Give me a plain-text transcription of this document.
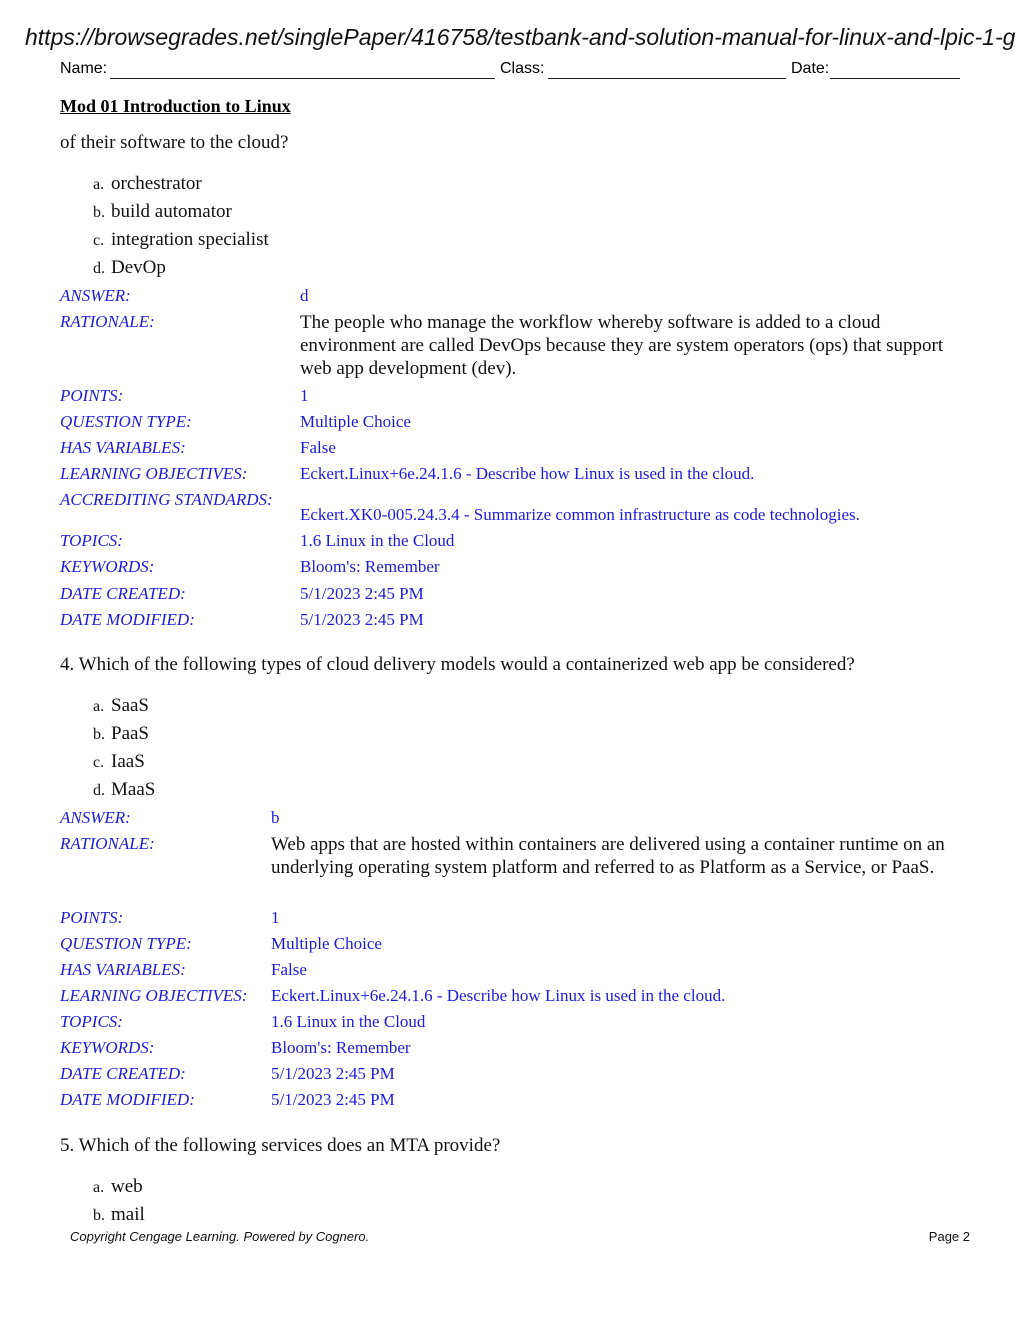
https://browsegrades.net/singlePaper/416758/testbank-and-solution-manual-for-linux-and-lpic-1-g
Name:	Class:	Date:
Mod 01 Introduction to Linux
of their software to the cloud?
a. orchestrator
b. build automator
c. integration specialist
d. DevOp
ANSWER:	d
RATIONALE:	The people who manage the workflow whereby software is added to a cloud environment are called DevOps because they are system operators (ops) that support web app development (dev).
POINTS:	1
QUESTION TYPE:	Multiple Choice
HAS VARIABLES:	False
LEARNING OBJECTIVES:	Eckert.Linux+6e.24.1.6 - Describe how Linux is used in the cloud.
ACCREDITING STANDARDS:
Eckert.XK0-005.24.3.4 - Summarize common infrastructure as code technologies.
TOPICS:	1.6 Linux in the Cloud
KEYWORDS:	Bloom's: Remember
DATE CREATED:	5/1/2023 2:45 PM
DATE MODIFIED:	5/1/2023 2:45 PM
4. Which of the following types of cloud delivery models would a containerized web app be considered?
a. SaaS
b. PaaS
c. IaaS
d. MaaS
ANSWER:	b
RATIONALE:	Web apps that are hosted within containers are delivered using a container runtime on an underlying operating system platform and referred to as Platform as a Service, or PaaS.
POINTS:	1
QUESTION TYPE:	Multiple Choice
HAS VARIABLES:	False
LEARNING OBJECTIVES: Eckert.Linux+6e.24.1.6 - Describe how Linux is used in the cloud.
TOPICS:	1.6 Linux in the Cloud
KEYWORDS:	Bloom's: Remember
DATE CREATED:	5/1/2023 2:45 PM
DATE MODIFIED:	5/1/2023 2:45 PM
5. Which of the following services does an MTA provide?
a. web
b. mail
Copyright Cengage Learning. Powered by Cognero.	Page 2
